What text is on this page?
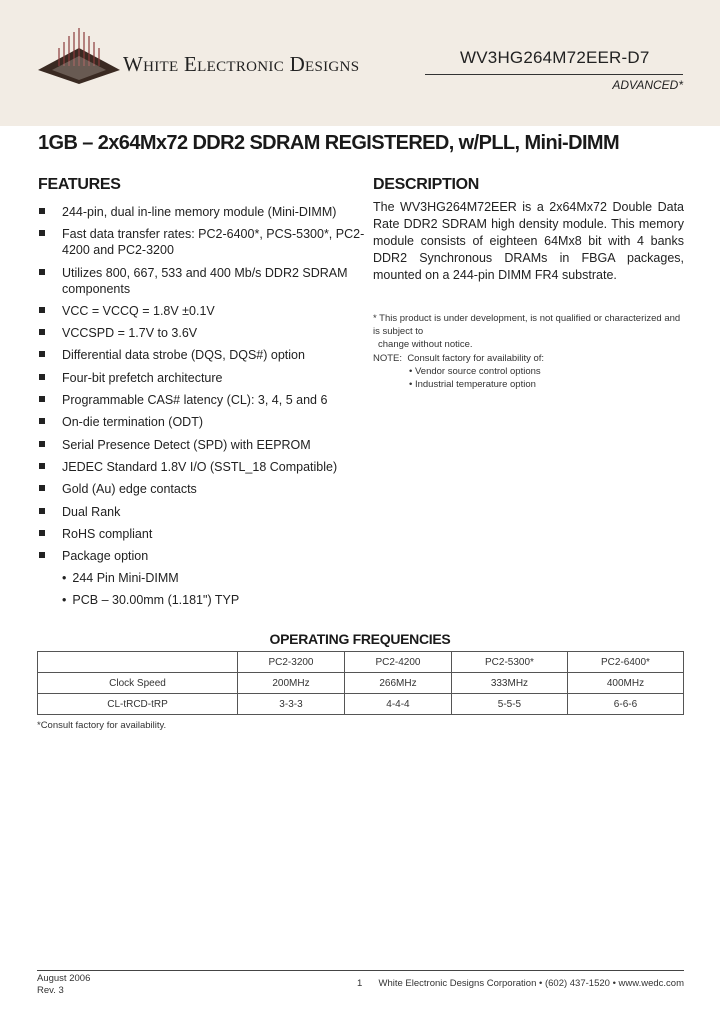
White Electronic Designs	WV3HG264M72EER-D7
ADVANCED*
1GB – 2x64Mx72 DDR2 SDRAM REGISTERED, w/PLL, Mini-DIMM
FEATURES
244-pin, dual in-line memory module (Mini-DIMM)
Fast data transfer rates: PC2-6400*, PCS-5300*, PC2-4200 and PC2-3200
Utilizes 800, 667, 533 and 400 Mb/s DDR2 SDRAM components
VCC = VCCQ = 1.8V ±0.1V
VCCSPD = 1.7V to 3.6V
Differential data strobe (DQS, DQS#) option
Four-bit prefetch architecture
Programmable CAS# latency (CL): 3, 4, 5 and 6
On-die termination (ODT)
Serial Presence Detect (SPD) with EEPROM
JEDEC Standard 1.8V I/O (SSTL_18 Compatible)
Gold (Au) edge contacts
Dual Rank
RoHS compliant
Package option
• 244 Pin Mini-DIMM
• PCB – 30.00mm (1.181") TYP
DESCRIPTION

The WV3HG264M72EER is a 2x64Mx72 Double Data Rate DDR2 SDRAM high density module. This memory module consists of eighteen 64Mx8 bit with 4 banks DDR2 Synchronous DRAMs in FBGA packages, mounted on a 244-pin DIMM FR4 substrate.

* This product is under development, is not qualified or characterized and is subject to
change without notice.

NOTE: Consult factory for availability of:
• Vendor source control options
• Industrial temperature option
OPERATING FREQUENCIES
	PC2-3200	PC2-4200	PC2-5300*	PC2-6400*
Clock Speed	200MHz	266MHz	333MHz	400MHz
CL-tRCD-tRP	3-3-3	4-4-4	5-5-5	6-6-6
*Consult factory for availability.
August 2006
Rev. 3
1 White Electronic Designs Corporation • (602) 437-1520 • www.wedc.com
